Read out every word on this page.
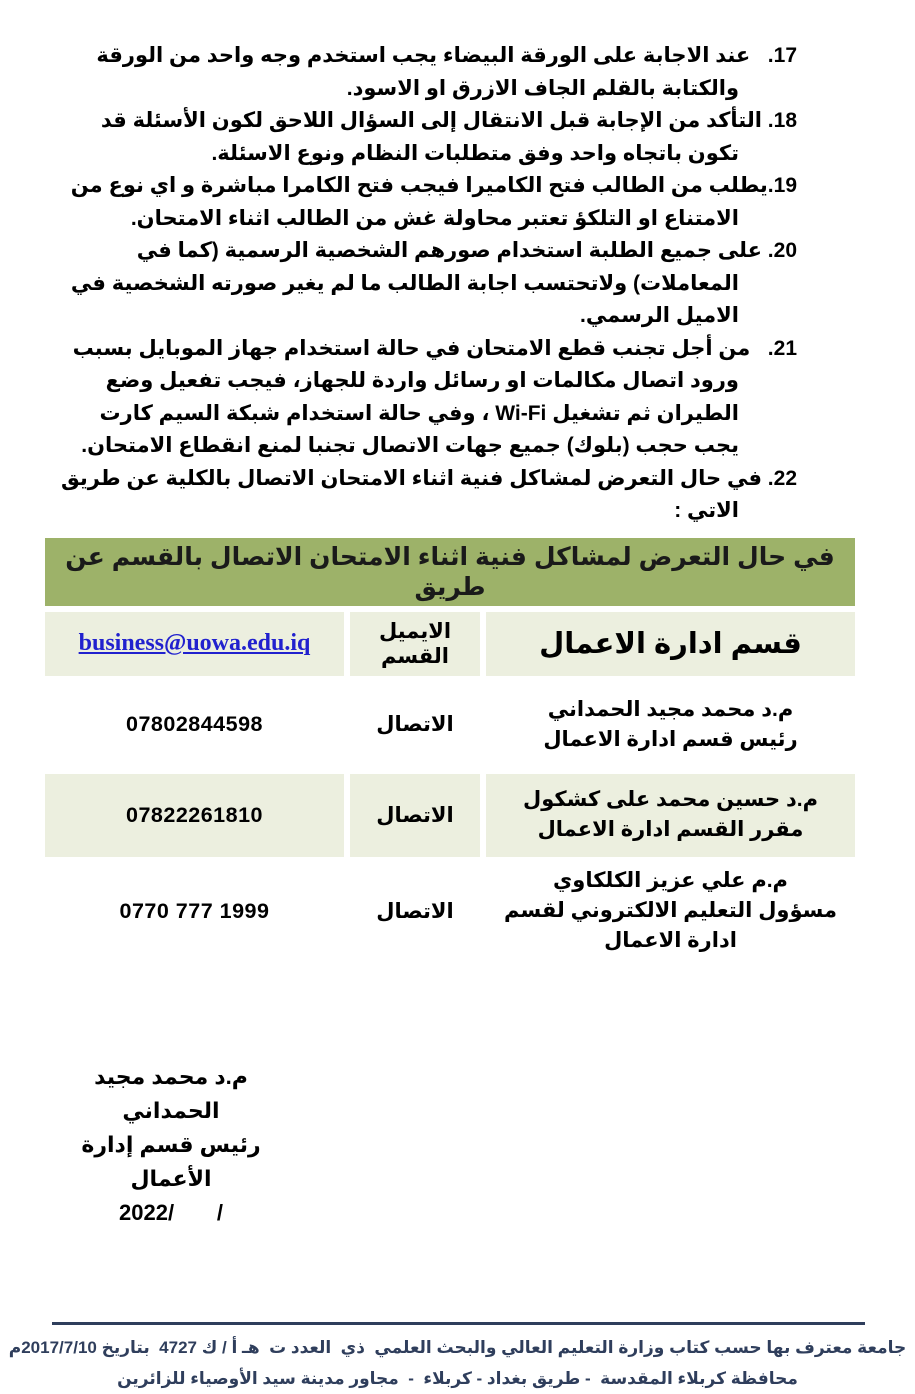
17.   عند الاجابة على الورقة البيضاء يجب استخدم وجه واحد من الورقة والكتابة بالقلم الجاف الازرق او الاسود.
18. التأكد من الإجابة قبل الانتقال إلى السؤال اللاحق لكون الأسئلة قد تكون باتجاه واحد وفق متطلبات النظام ونوع الاسئلة.
19.يطلب من الطالب فتح الكاميرا فيجب فتح الكامرا مباشرة و اي نوع من الامتناع او التلكؤ تعتبر محاولة غش من الطالب اثناء الامتحان.
20. على جميع الطلبة استخدام صورهم الشخصية الرسمية (كما في المعاملات) ولاتحتسب اجابة الطالب ما لم يغير صورته الشخصية في الاميل الرسمي.
21.   من أجل تجنب قطع الامتحان في حالة استخدام جهاز الموبايل بسبب ورود اتصال مكالمات او رسائل واردة للجهاز، فيجب تفعيل وضع الطيران ثم تشغيل Wi-Fi ، وفي حالة استخدام شبكة السيم كارت يجب حجب (بلوك) جميع جهات الاتصال تجنبا لمنع انقطاع الامتحان.
22. في حال التعرض لمشاكل فنية اثناء الامتحان الاتصال بالكلية عن طريق الاتي :
في حال التعرض لمشاكل فنية اثناء الامتحان الاتصال بالقسم عن طريق		
قسم ادارة الاعمال	الايميل القسم	business@uowa.edu.iq

م.د محمد مجيد الحمداني
رئيس قسم ادارة الاعمال	الاتصال	07802844598

م.د حسين محمد على كشكول
مقرر القسم ادارة الاعمال	الاتصال	07822261810

م.م علي عزيز الكلكاوي
مسؤول التعليم الالكتروني لقسم ادارة الاعمال	الاتصال	0770 777 1999
م.د محمد مجيد الحمداني
رئيس قسم إدارة الأعمال
/       /2022
جامعة معترف بها حسب كتاب وزارة التعليم العالي والبحث العلمي  ذي  العدد ت  هـ أ / ك 4727  بتاريخ 2017/7/10م
محافظة كربلاء المقدسة  - طريق بغداد - كربلاء  -  مجاور مدينة سيد الأوصياء للزائرين
